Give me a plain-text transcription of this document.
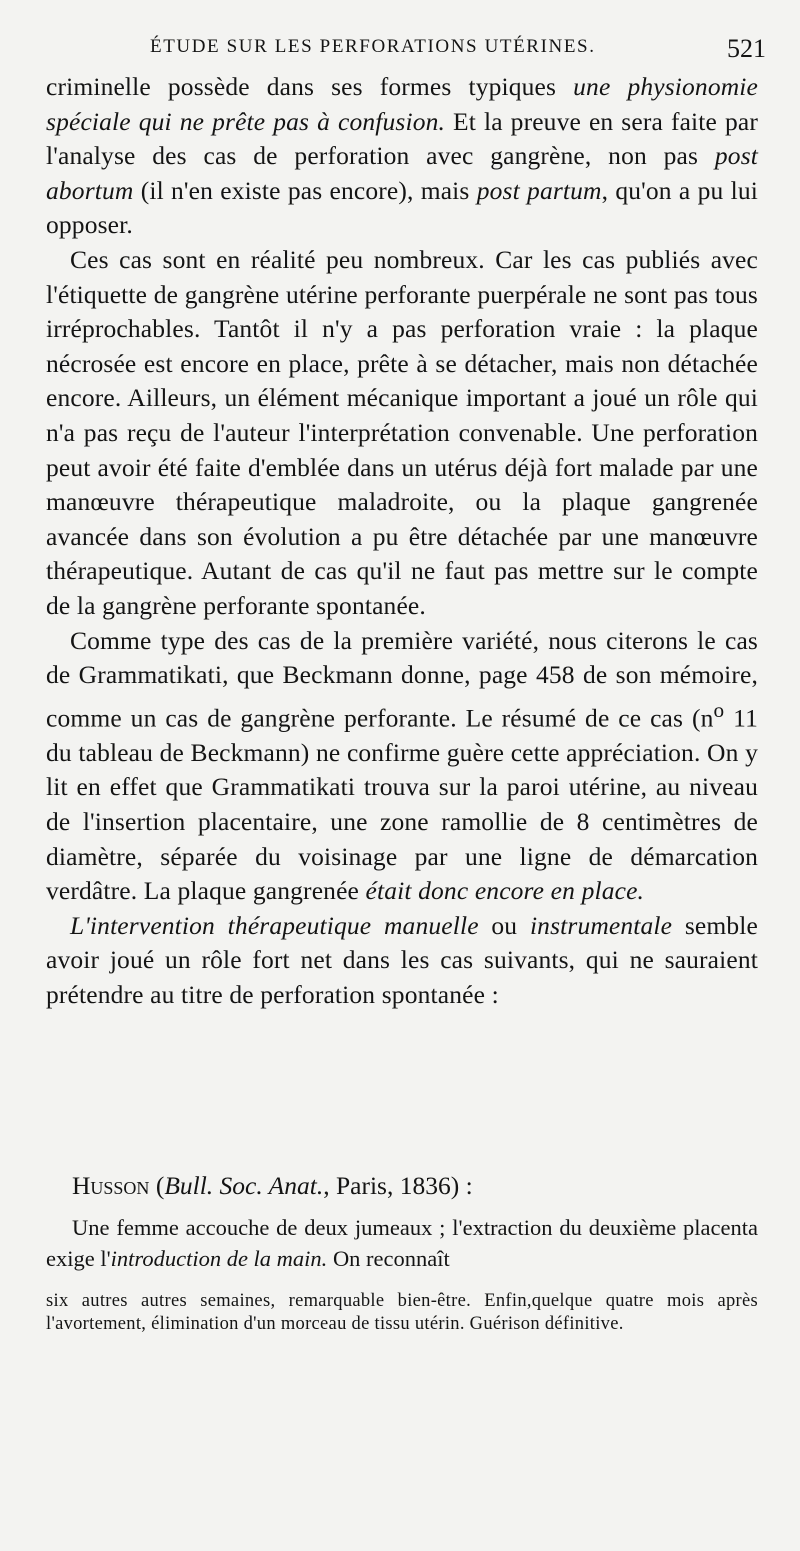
ÉTUDE SUR LES PERFORATIONS UTÉRINES.	521

criminelle possède dans ses formes typiques une physionomie spéciale qui ne prête pas à confusion. Et la preuve en sera faite par l'analyse des cas de perforation avec gangrène, non pas post abortum (il n'en existe pas encore), mais post partum, qu'on a pu lui opposer.

Ces cas sont en réalité peu nombreux. Car les cas publiés avec l'étiquette de gangrène utérine perforante puerpérale ne sont pas tous irréprochables. Tantôt il n'y a pas perforation vraie : la plaque nécrosée est encore en place, prête à se détacher, mais non détachée encore. Ailleurs, un élément mécanique important a joué un rôle qui n'a pas reçu de l'auteur l'interprétation convenable. Une perforation peut avoir été faite d'emblée dans un utérus déjà fort malade par une manœuvre thérapeutique maladroite, ou la plaque gangrenée avancée dans son évolution a pu être détachée par une manœuvre thérapeutique. Autant de cas qu'il ne faut pas mettre sur le compte de la gangrène perforante spontanée.

Comme type des cas de la première variété, nous citerons le cas de Grammatikati, que Beckmann donne, page 458 de son mémoire, comme un cas de gangrène perforante. Le résumé de ce cas ($n^o$ 11 du tableau de Beckmann) ne confirme guère cette appréciation. On y lit en effet que Grammatikati trouva sur la paroi utérine, au niveau de l'insertion placentaire, une zone ramollie de 8 centimètres de diamètre, séparée du voisinage par une ligne de démarcation verdâtre. La plaque gangrenée était donc encore en place.

L'intervention thérapeutique manuelle ou instrumentale semble avoir joué un rôle fort net dans les cas suivants, qui ne sauraient prétendre au titre de perforation spontanée :

Husson (Bull. Soc. Anat., Paris, 1836) :

Une femme accouche de deux jumeaux ; l'extraction du deuxième placenta exige l'introduction de la main. On reconnaît

six autres autres semaines, remarquable bien-être. Enfin,quelque quatre mois après l'avortement, élimination d'un morceau de tissu utérin. Guérison définitive.
